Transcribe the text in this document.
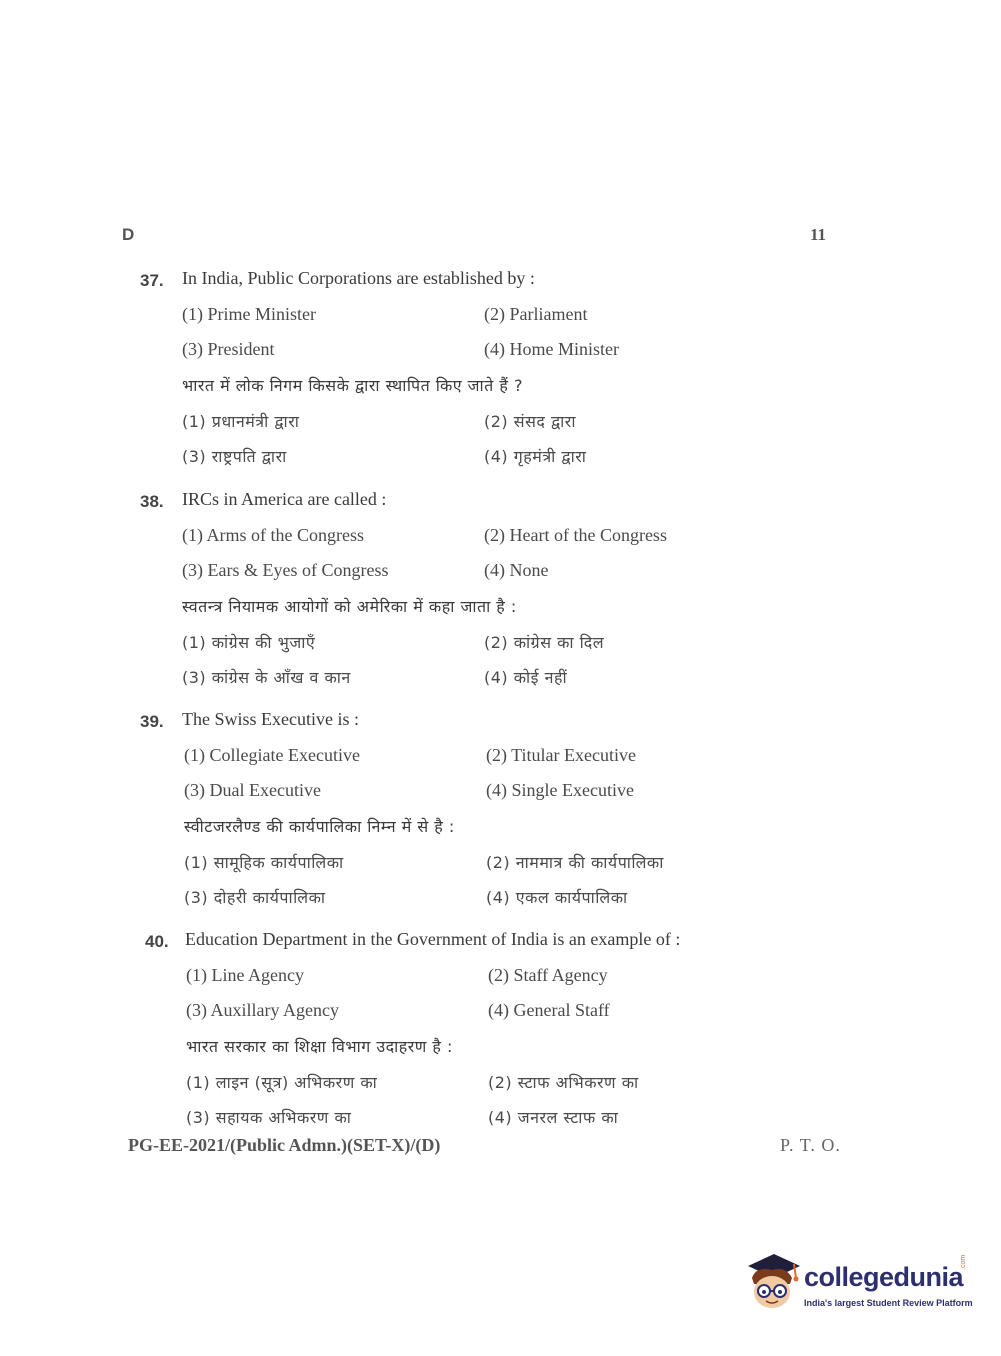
D	11
37. In India, Public Corporations are established by :
(1) Prime Minister	(2) Parliament
(3) President	(4) Home Minister
भारत में लोक निगम किसके द्वारा स्थापित किए जाते हैं ?
(1) प्रधानमंत्री द्वारा	(2) संसद द्वारा
(3) राष्ट्रपति द्वारा	(4) गृहमंत्री द्वारा
38. IRCs in America are called :
(1) Arms of the Congress	(2) Heart of the Congress
(3) Ears & Eyes of Congress	(4) None
स्वतन्त्र नियामक आयोगों को अमेरिका में कहा जाता है :
(1) कांग्रेस की भुजाएँ	(2) कांग्रेस का दिल
(3) कांग्रेस के आँख व कान	(4) कोई नहीं
39. The Swiss Executive is :
(1) Collegiate Executive	(2) Titular Executive
(3) Dual Executive	(4) Single Executive
स्वीटजरलैण्ड की कार्यपालिका निम्न में से है :
(1) सामूहिक कार्यपालिका	(2) नाममात्र की कार्यपालिका
(3) दोहरी कार्यपालिका	(4) एकल कार्यपालिका
40. Education Department in the Government of India is an example of :
(1) Line Agency	(2) Staff Agency
(3) Auxillary Agency	(4) General Staff
भारत सरकार का शिक्षा विभाग उदाहरण है :
(1) लाइन (सूत्र) अभिकरण का	(2) स्टाफ अभिकरण का
(3) सहायक अभिकरण का	(4) जनरल स्टाफ का
PG-EE-2021/(Public Admn.)(SET-X)/(D)	P. T. O.
collegedunia
.com
India's largest Student Review Platform
